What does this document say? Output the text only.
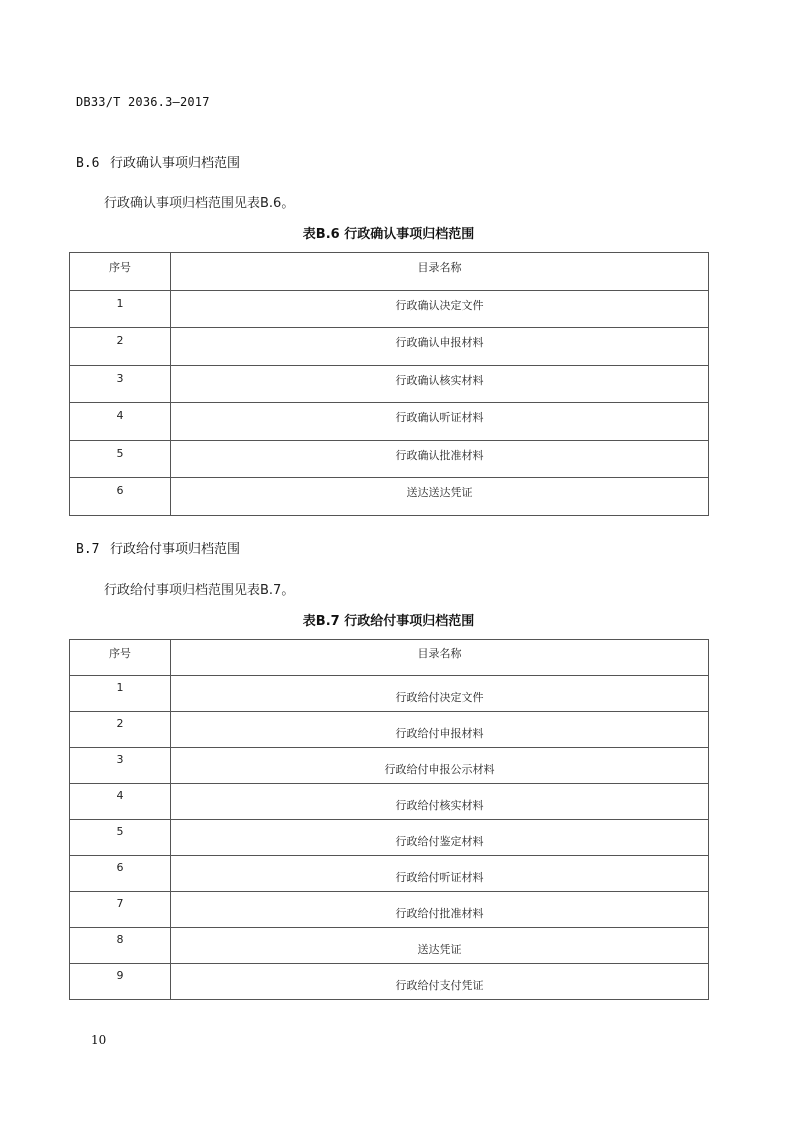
DB33/T 2036.3—2017
B.6 行政确认事项归档范围
行政确认事项归档范围见表B.6。
表B.6 行政确认事项归档范围
序号	目录名称
1	行政确认决定文件
2	行政确认申报材料
3	行政确认核实材料
4	行政确认听证材料
5	行政确认批准材料
6	送达送达凭证
B.7 行政给付事项归档范围
行政给付事项归档范围见表B.7。
表B.7 行政给付事项归档范围
序号	目录名称
1	行政给付决定文件
2	行政给付申报材料
3	行政给付申报公示材料
4	行政给付核实材料
5	行政给付鉴定材料
6	行政给付听证材料
7	行政给付批准材料
8	送达凭证
9	行政给付支付凭证
10
